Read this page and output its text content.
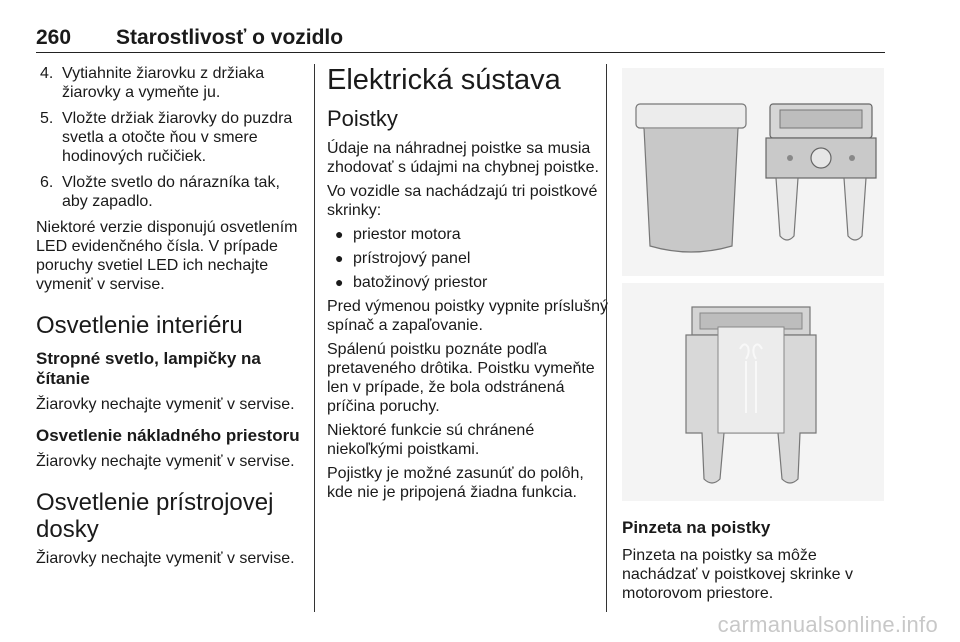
260 Starostlivosť o vozidlo
4. Vytiahnite žiarovku z držiaka žiarovky a vymeňte ju.
5. Vložte držiak žiarovky do puzdra svetla a otočte ňou v smere hodinových ručičiek.
6. Vložte svetlo do nárazníka tak, aby zapadlo.

Niektoré verzie disponujú osvetlením LED evidenčného čísla. V prípade poruchy svetiel LED ich nechajte vymeniť v servise.

Osvetlenie interiéru
Stropné svetlo, lampičky na čítanie

Žiarovky nechajte vymeniť v servise.

Osvetlenie nákladného priestoru

Žiarovky nechajte vymeniť v servise.

Osvetlenie prístrojovej dosky

Žiarovky nechajte vymeniť v servise.

Elektrická sústava
Poistky

Údaje na náhradnej poistke sa musia zhodovať s údajmi na chybnej poistke.

Vo vozidle sa nachádzajú tri poistkové skrinky:

● priestor motora
● prístrojový panel
● batožinový priestor

Pred výmenou poistky vypnite príslušný spínač a zapaľovanie.

Spálenú poistku poznáte podľa pretaveného drôtika. Poistku vymeňte len v prípade, že bola odstránená príčina poruchy.

Niektoré funkcie sú chránené niekoľkými poistkami.

Pojistky je možné zasunúť do polôh, kde nie je pripojená žiadna funkcia.

Pinzeta na poistky
Pinzeta na poistky sa môže nachádzať v poistkovej skrinke v motorovom priestore.
carmanualsonline.info
